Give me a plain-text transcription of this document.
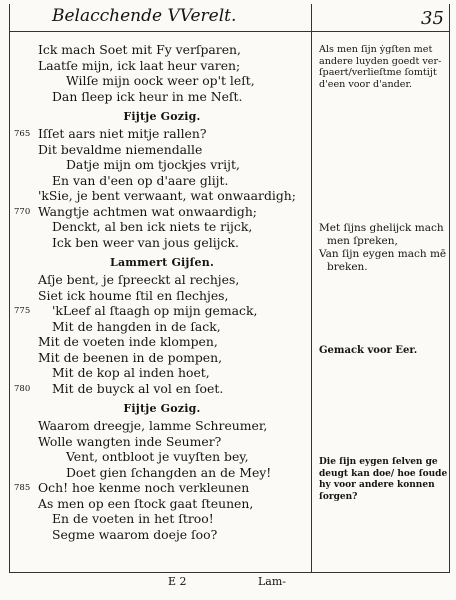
Belacchende VVerelt.	35
Ick mach Soet mit Fy verſparen,
Laatſe mijn, ick laat heur varen;
Wilſe mijn oock weer op't leſt,
Dan ſleep ick heur in me Neſt.
Fijtje Gozig.
Iſſet aars niet mitje rallen?
765
Dit bevaldme niemendalle
Datje mijn om tjockjes vrijt,
En van d'een op d'aare glijt.
'kSie, je bent verwaant, wat onwaardigh;
Wangtje achtmen wat onwaardigh;
770
Denckt, al ben ick niets te rijck,
Ick ben weer van jous gelijck.
Lammert Gijſen.
Aſje bent, je ſpreeckt al rechjes,
Siet ick houme ſtil en ſlechjes,
'kLeef al ſtaagh op mijn gemack,
775
Mit de hangden in de ſack,
Mit de voeten inde klompen,
Mit de beenen in de pompen,
Mit de kop al inden hoet,
Mit de buyck al vol en ſoet.
780
Fijtje Gozig.
Waarom dreegje, lamme Schreumer,
Wolle wangten inde Seumer?
Vent, ontbloot je vuyſten bey,
Doet gien ſchangden an de Mey!
Och! hoe kenme noch verkleunen
785
As men op een ſtock gaat ſteunen,
En de voeten in het ſtroo!
Segme waarom doeje ſoo?
Als men ſijn ẏgſten met
andere luyden goedt ver-
ſpaert/verlieſtme ſomtijt
d'een voor d'ander.
Met ſijns ghelijck mach
men ſpreken,
Van ſijn eygen mach mē
breken.
Gemack voor Eer.
Die ſijn eygen ſelven ge
deugt kan doe/ hoe ſoude
hy voor andere konnen
ſorgen?
E 2	Lam-
